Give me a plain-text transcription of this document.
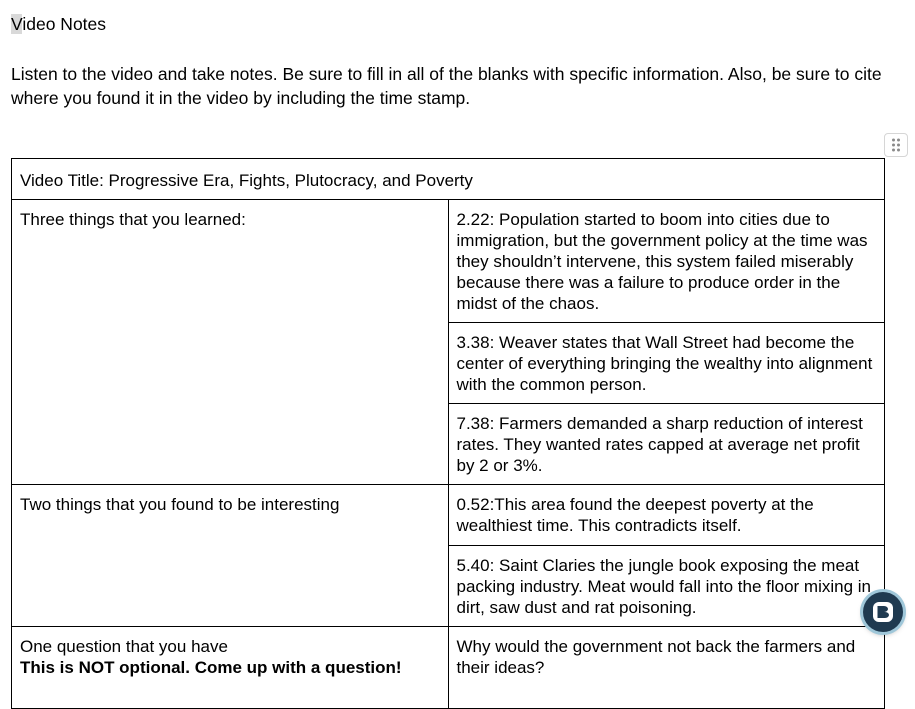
Video Notes
Listen to the video and take notes. Be sure to fill in all of the blanks with specific information. Also, be sure to cite where you found it in the video by including the time stamp.
Video Title: Progressive Era, Fights, Plutocracy, and Poverty	
Three things that you learned:	2.22: Population started to boom into cities due to immigration, but the government policy at the time was they shouldn’t intervene, this system failed miserably because there was a failure to produce order in the midst of the chaos.
	3.38: Weaver states that Wall Street had become the center of everything bringing the wealthy into alignment with the common person.
	7.38: Farmers demanded a sharp reduction of interest rates. They wanted rates capped at average net profit by 2 or 3%.
Two things that you found to be interesting	0.52:This area found the deepest poverty at the wealthiest time. This contradicts itself.
	5.40: Saint Claries the jungle book exposing the meat packing industry. Meat would fall into the floor mixing in dirt, saw dust and rat poisoning.

One question that you have
This is NOT optional. Come up with a question!	Why would the government not back the farmers and their ideas?
